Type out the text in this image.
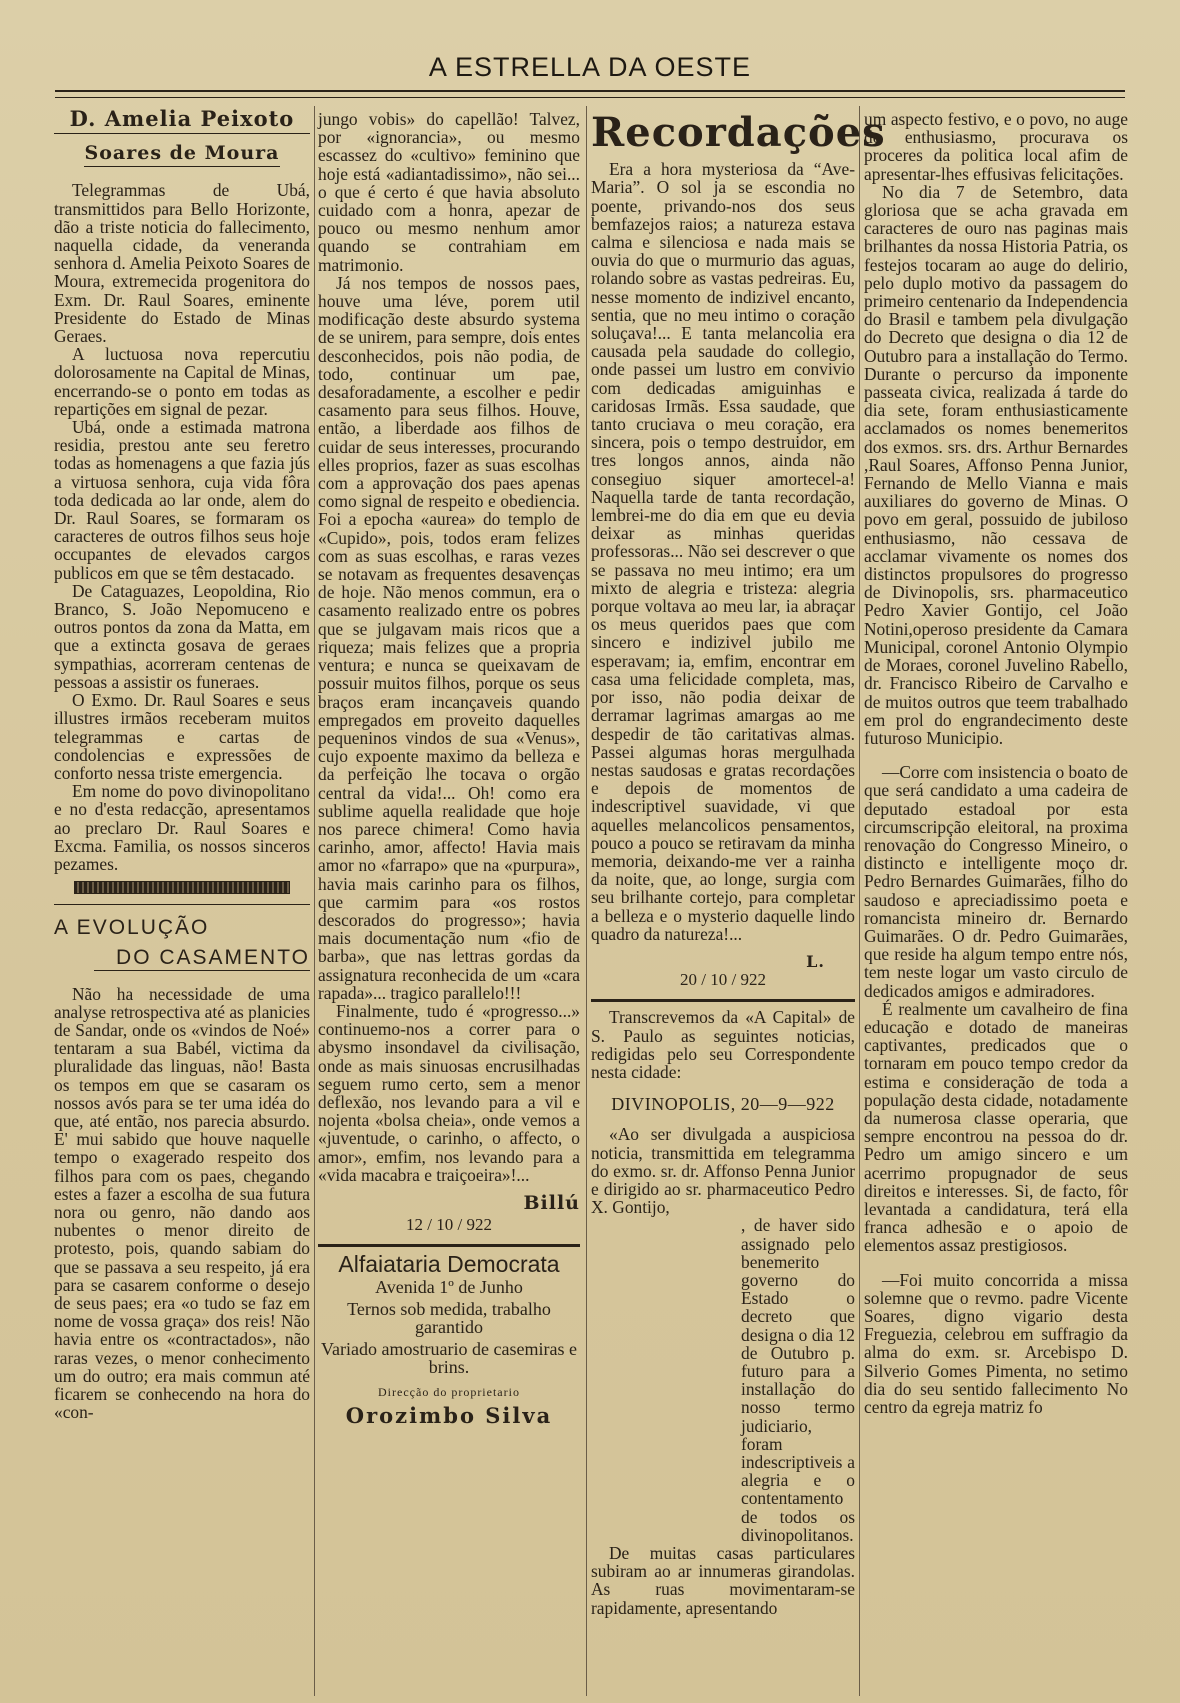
A ESTRELLA DA OESTE
D. Amelia Peixoto
Soares de Moura

Telegrammas de Ubá, transmittidos para Bello Horizonte, dão a triste noticia do fallecimento, naquella cidade, da veneranda senhora d. Amelia Peixoto Soares de Moura, extremecida progenitora do Exm. Dr. Raul Soares, eminente Presidente do Estado de Minas Geraes.

A luctuosa nova repercutiu dolorosamente na Capital de Minas, encerrando-se o ponto em todas as repartições em signal de pezar.

Ubá, onde a estimada matrona residia, prestou ante seu feretro todas as homenagens a que fazia jús a virtuosa senhora, cuja vida fôra toda dedicada ao lar onde, alem do Dr. Raul Soares, se formaram os caracteres de outros filhos seus hoje occupantes de elevados cargos publicos em que se têm destacado.

De Cataguazes, Leopoldina, Rio Branco, S. João Nepomuceno e outros pontos da zona da Matta, em que a extincta gosava de geraes sympathias, acorreram centenas de pessoas a assistir os funeraes.

O Exmo. Dr. Raul Soares e seus illustres irmãos receberam muitos telegrammas e cartas de condolencias e expressões de conforto nessa triste emergencia.

Em nome do povo divinopolitano e no d'esta redacção, apresentamos ao preclaro Dr. Raul Soares e Excma. Familia, os nossos sinceros pezames.

A EVOLUÇÃO
DO CASAMENTO

Não ha necessidade de uma analyse retrospectiva até as planicies de Sandar, onde os «vindos de Noé» tentaram a sua Babél, victima da pluralidade das linguas, não! Basta os tempos em que se casaram os nossos avós para se ter uma idéa do que, até então, nos parecia absurdo. E' mui sabido que houve naquelle tempo o exagerado respeito dos filhos para com os paes, chegando estes a fazer a escolha de sua futura nora ou genro, não dando aos nubentes o menor direito de protesto, pois, quando sabiam do que se passava a seu respeito, já era para se casarem conforme o desejo de seus paes; era «o tudo se faz em nome de vossa graça» dos reis! Não havia entre os «contractados», não raras vezes, o menor conhecimento um do outro; era mais commun até ficarem se conhecendo na hora do «con-

jungo vobis» do capellão! Talvez, por «ignorancia», ou mesmo escassez do «cultivo» feminino que hoje está «adiantadissimo», não sei... o que é certo é que havia absoluto cuidado com a honra, apezar de pouco ou mesmo nenhum amor quando se contrahiam em matrimonio.

Já nos tempos de nossos paes, houve uma léve, porem util modificação deste absurdo systema de se unirem, para sempre, dois entes desconhecidos, pois não podia, de todo, continuar um pae, desaforadamente, a escolher e pedir casamento para seus filhos. Houve, então, a liberdade aos filhos de cuidar de seus interesses, procurando elles proprios, fazer as suas escolhas com a approvação dos paes apenas como signal de respeito e obediencia. Foi a epocha «aurea» do templo de «Cupido», pois, todos eram felizes com as suas escolhas, e raras vezes se notavam as frequentes desavenças de hoje. Não menos commun, era o casamento realizado entre os pobres que se julgavam mais ricos que a riqueza; mais felizes que a propria ventura; e nunca se queixavam de possuir muitos filhos, porque os seus braços eram incançaveis quando empregados em proveito daquelles pequeninos vindos de sua «Venus», cujo expoente maximo da belleza e da perfeição lhe tocava o orgão central da vida!... Oh! como era sublime aquella realidade que hoje nos parece chimera! Como havia carinho, amor, affecto! Havia mais amor no «farrapo» que na «purpura», havia mais carinho para os filhos, que carmim para «os rostos descorados do progresso»; havia mais documentação num «fio de barba», que nas lettras gordas da assignatura reconhecida de um «cara rapada»... tragico parallelo!!!

Finalmente, tudo é «progresso...» continuemo-nos a correr para o abysmo insondavel da civilisação, onde as mais sinuosas encrusilhadas seguem rumo certo, sem a menor deflexão, nos levando para a vil e nojenta «bolsa cheia», onde vemos a «juventude, o carinho, o affecto, o amor», emfim, nos levando para a «vida macabra e traiçoeira»!...

Billú
12 / 10 / 922
Alfaiataria Democrata
Avenida 1º de Junho
Ternos sob medida, trabalho garantido
Variado amostruario de casemiras e brins.
Direcção do proprietario
Orozimbo Silva
Recordações

Era a hora mysteriosa da “Ave-Maria”. O sol ja se escondia no poente, privando-nos dos seus bemfazejos raios; a natureza estava calma e silenciosa e nada mais se ouvia do que o murmurio das aguas, rolando sobre as vastas pedreiras. Eu, nesse momento de indizivel encanto, sentia, que no meu intimo o coração soluçava!... E tanta melancolia era causada pela saudade do collegio, onde passei um lustro em convivio com dedicadas amiguinhas e caridosas Irmãs. Essa saudade, que tanto cruciava o meu coração, era sincera, pois o tempo destruidor, em tres longos annos, ainda não consegiuo siquer amortecel-a! Naquella tarde de tanta recordação, lembrei-me do dia em que eu devia deixar as minhas queridas professoras... Não sei descrever o que se passava no meu intimo; era um mixto de alegria e tristeza: alegria porque voltava ao meu lar, ia abraçar os meus queridos paes que com sincero e indizivel jubilo me esperavam; ia, emfim, encontrar em casa uma felicidade completa, mas, por isso, não podia deixar de derramar lagrimas amargas ao me despedir de tão caritativas almas. Passei algumas horas mergulhada nestas saudosas e gratas recordações e depois de momentos de indescriptivel suavidade, vi que aquelles melancolicos pensamentos, pouco a pouco se retiravam da minha memoria, deixando-me ver a rainha da noite, que, ao longe, surgia com seu brilhante cortejo, para completar a belleza e o mysterio daquelle lindo quadro da natureza!...

L.
20 / 10 / 922

Transcrevemos da «A Capital» de S. Paulo as seguintes noticias, redigidas pelo seu Correspondente nesta cidade:

DIVINOPOLIS, 20—9—922

«Ao ser divulgada a auspiciosa noticia, transmittida em telegramma do exmo. sr. dr. Affonso Penna Junior e dirigido ao sr. pharmaceutico Pedro X. Gontijo,

, de haver sido assignado pelo benemerito governo do Estado o decreto que designa o dia 12 de Outubro p. futuro para a installação do nosso termo judiciario, foram indescriptiveis a alegria e o contentamento de todos os divinopolitanos.

De muitas casas particulares subiram ao ar innumeras girandolas. As ruas movimentaram-se rapidamente, apresentando

um aspecto festivo, e o povo, no auge do enthusiasmo, procurava os proceres da politica local afim de apresentar-lhes effusivas felicitações.

No dia 7 de Setembro, data gloriosa que se acha gravada em caracteres de ouro nas paginas mais brilhantes da nossa Historia Patria, os festejos tocaram ao auge do delirio, pelo duplo motivo da passagem do primeiro centenario da Independencia do Brasil e tambem pela divulgação do Decreto que designa o dia 12 de Outubro para a installação do Termo. Durante o percurso da imponente passeata civica, realizada á tarde do dia sete, foram enthusiasticamente acclamados os nomes benemeritos dos exmos. srs. drs. Arthur Bernardes ,Raul Soares, Affonso Penna Junior, Fernando de Mello Vianna e mais auxiliares do governo de Minas. O povo em geral, possuido de jubiloso enthusiasmo, não cessava de acclamar vivamente os nomes dos distinctos propulsores do progresso de Divinopolis, srs. pharmaceutico Pedro Xavier Gontijo, cel João Notini,operoso presidente da Camara Municipal, coronel Antonio Olympio de Moraes, coronel Juvelino Rabello, dr. Francisco Ribeiro de Carvalho e de muitos outros que teem trabalhado em prol do engrandecimento deste futuroso Municipio.

—Corre com insistencia o boato de que será candidato a uma cadeira de deputado estadoal por esta circumscripção eleitoral, na proxima renovação do Congresso Mineiro, o distincto e intelligente moço dr. Pedro Bernardes Guimarães, filho do saudoso e apreciadissimo poeta e romancista mineiro dr. Bernardo Guimarães. O dr. Pedro Guimarães, que reside ha algum tempo entre nós, tem neste logar um vasto circulo de dedicados amigos e admiradores.

É realmente um cavalheiro de fina educação e dotado de maneiras captivantes, predicados que o tornaram em pouco tempo credor da estima e consideração de toda a população desta cidade, notadamente da numerosa classe operaria, que sempre encontrou na pessoa do dr. Pedro um amigo sincero e um acerrimo propugnador de seus direitos e interesses. Si, de facto, fôr levantada a candidatura, terá ella franca adhesão e o apoio de elementos assaz prestigiosos.

—Foi muito concorrida a missa solemne que o revmo. padre Vicente Soares, digno vigario desta Freguezia, celebrou em suffragio da alma do exm. sr. Arcebispo D. Silverio Gomes Pimenta, no setimo dia do seu sentido fallecimento No centro da egreja matriz fo
